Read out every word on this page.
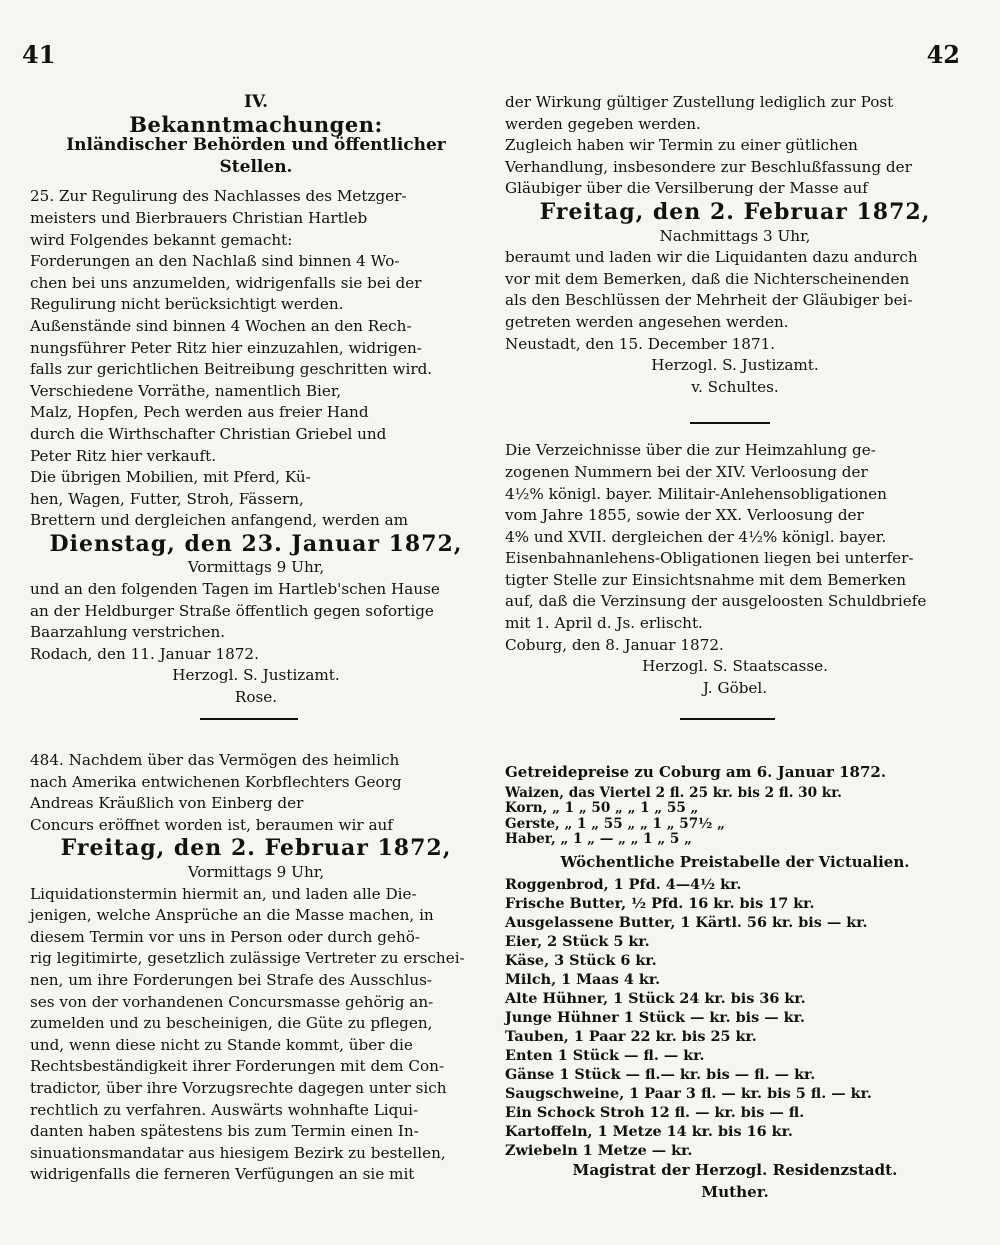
41	42

IV.

Bekanntmachungen:

Inländischer Behörden und öffentlicher Stellen.

25. Zur Regulirung des Nachlasses des Metzger-

meisters und Bierbrauers Christian Hartleb

wird Folgendes bekannt gemacht:

Forderungen an den Nachlaß sind binnen 4 Wo-

chen bei uns anzumelden, widrigenfalls sie bei der

Regulirung nicht berücksichtigt werden.

Außenstände sind binnen 4 Wochen an den Rech-

nungsführer Peter Ritz hier einzuzahlen, widrigen-

falls zur gerichtlichen Beitreibung geschritten wird.

Verschiedene Vorräthe, namentlich Bier,

Malz, Hopfen, Pech werden aus freier Hand

durch die Wirthschafter Christian Griebel und

Peter Ritz hier verkauft.

Die übrigen Mobilien, mit Pferd, Kü-

hen, Wagen, Futter, Stroh, Fässern,

Brettern und dergleichen anfangend, werden am

Dienstag, den 23. Januar 1872,

Vormittags 9 Uhr,

und an den folgenden Tagen im Hartleb'schen Hause

an der Heldburger Straße öffentlich gegen sofortige

Baarzahlung verstrichen.

Rodach, den 11. Januar 1872.

Herzogl. S. Justizamt.

Rose.

der Wirkung gültiger Zustellung lediglich zur Post

werden gegeben werden.

Zugleich haben wir Termin zu einer gütlichen

Verhandlung, insbesondere zur Beschlußfassung der

Gläubiger über die Versilberung der Masse auf

Freitag, den 2. Februar 1872,

Nachmittags 3 Uhr,

beraumt und laden wir die Liquidanten dazu andurch

vor mit dem Bemerken, daß die Nichterscheinenden

als den Beschlüssen der Mehrheit der Gläubiger bei-

getreten werden angesehen werden.

Neustadt, den 15. December 1871.

Herzogl. S. Justizamt.

v. Schultes.

Die Verzeichnisse über die zur Heimzahlung ge-

zogenen Nummern bei der XIV. Verloosung der

4½% königl. bayer. Militair-Anlehensobligationen

vom Jahre 1855, sowie der XX. Verloosung der

4% und XVII. dergleichen der 4½% königl. bayer.

Eisenbahnanlehens-Obligationen liegen bei unterfer-

tigter Stelle zur Einsichtsnahme mit dem Bemerken

auf, daß die Verzinsung der ausgeloosten Schuldbriefe

mit 1. April d. Js. erlischt.

Coburg, den 8. Januar 1872.

Herzogl. S. Staatscasse.

J. Göbel.

484. Nachdem über das Vermögen des heimlich

nach Amerika entwichenen Korbflechters Georg

Andreas Kräußlich von Einberg der

Concurs eröffnet worden ist, beraumen wir auf

Freitag, den 2. Februar 1872,

Vormittags 9 Uhr,

Liquidationstermin hiermit an, und laden alle Die-

jenigen, welche Ansprüche an die Masse machen, in

diesem Termin vor uns in Person oder durch gehö-

rig legitimirte, gesetzlich zulässige Vertreter zu erschei-

nen, um ihre Forderungen bei Strafe des Ausschlus-

ses von der vorhandenen Concursmasse gehörig an-

zumelden und zu bescheinigen, die Güte zu pflegen,

und, wenn diese nicht zu Stande kommt, über die

Rechtsbeständigkeit ihrer Forderungen mit dem Con-

tradictor, über ihre Vorzugsrechte dagegen unter sich

rechtlich zu verfahren. Auswärts wohnhafte Liqui-

danten haben spätestens bis zum Termin einen In-

sinuationsmandatar aus hiesigem Bezirk zu bestellen,

widrigenfalls die ferneren Verfügungen an sie mit

Getreidepreise zu Coburg am 6. Januar 1872.

Waizen, das Viertel 2 fl. 25 kr. bis 2 fl. 30 kr.

Korn, „ 1 „ 50 „ „ 1 „ 55 „

Gerste, „ 1 „ 55 „ „ 1 „ 57½ „

Haber, „ 1 „ — „ „ 1 „ 5 „

Wöchentliche Preistabelle der Victualien.

Roggenbrod, 1 Pfd. 4—4½ kr.

Frische Butter, ½ Pfd. 16 kr. bis 17 kr.

Ausgelassene Butter, 1 Kärtl. 56 kr. bis — kr.

Eier, 2 Stück 5 kr.

Käse, 3 Stück 6 kr.

Milch, 1 Maas 4 kr.

Alte Hühner, 1 Stück 24 kr. bis 36 kr.

Junge Hühner 1 Stück — kr. bis — kr.

Tauben, 1 Paar 22 kr. bis 25 kr.

Enten 1 Stück — fl. — kr.

Gänse 1 Stück — fl.— kr. bis — fl. — kr.

Saugschweine, 1 Paar 3 fl. — kr. bis 5 fl. — kr.

Ein Schock Stroh 12 fl. — kr. bis — fl.

Kartoffeln, 1 Metze 14 kr. bis 16 kr.

Zwiebeln 1 Metze — kr.

Magistrat der Herzogl. Residenzstadt.

Muther.
